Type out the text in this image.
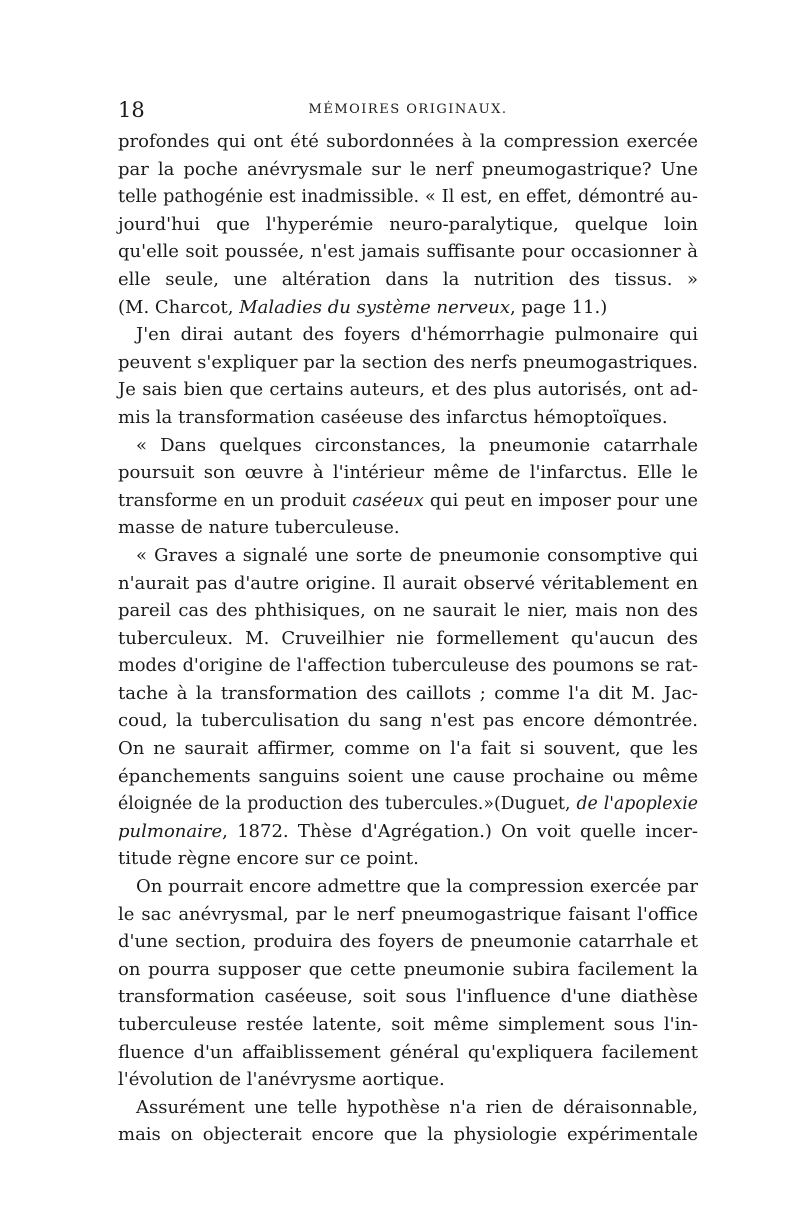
18	MÉMOIRES ORIGINAUX.
profondes qui ont été subordonnées à la compression exercée
par la poche anévrysmale sur le nerf pneumogastrique? Une
telle pathogénie est inadmissible. « Il est, en effet, démontré au-
jourd'hui que l'hyperémie neuro-paralytique, quelque loin
qu'elle soit poussée, n'est jamais suffisante pour occasionner à
elle seule, une altération dans la nutrition des tissus. »
(M. Charcot, Maladies du système nerveux, page 11.)
J'en dirai autant des foyers d'hémorrhagie pulmonaire qui
peuvent s'expliquer par la section des nerfs pneumogastriques.
Je sais bien que certains auteurs, et des plus autorisés, ont ad-
mis la transformation caséeuse des infarctus hémoptoïques.
« Dans quelques circonstances, la pneumonie catarrhale
poursuit son œuvre à l'intérieur même de l'infarctus. Elle le
transforme en un produit caséeux qui peut en imposer pour une
masse de nature tuberculeuse.
« Graves a signalé une sorte de pneumonie consomptive qui
n'aurait pas d'autre origine. Il aurait observé véritablement en
pareil cas des phthisiques, on ne saurait le nier, mais non des
tuberculeux. M. Cruveilhier nie formellement qu'aucun des
modes d'origine de l'affection tuberculeuse des poumons se rat-
tache à la transformation des caillots ; comme l'a dit M. Jac-
coud, la tuberculisation du sang n'est pas encore démontrée.
On ne saurait affirmer, comme on l'a fait si souvent, que les
épanchements sanguins soient une cause prochaine ou même
éloignée de la production des tubercules.»(Duguet, de l'apoplexie
pulmonaire, 1872. Thèse d'Agrégation.) On voit quelle incer-
titude règne encore sur ce point.
On pourrait encore admettre que la compression exercée par
le sac anévrysmal, par le nerf pneumogastrique faisant l'office
d'une section, produira des foyers de pneumonie catarrhale et
on pourra supposer que cette pneumonie subira facilement la
transformation caséeuse, soit sous l'influence d'une diathèse
tuberculeuse restée latente, soit même simplement sous l'in-
fluence d'un affaiblissement général qu'expliquera facilement
l'évolution de l'anévrysme aortique.
Assurément une telle hypothèse n'a rien de déraisonnable,
mais on objecterait encore que la physiologie expérimentale
